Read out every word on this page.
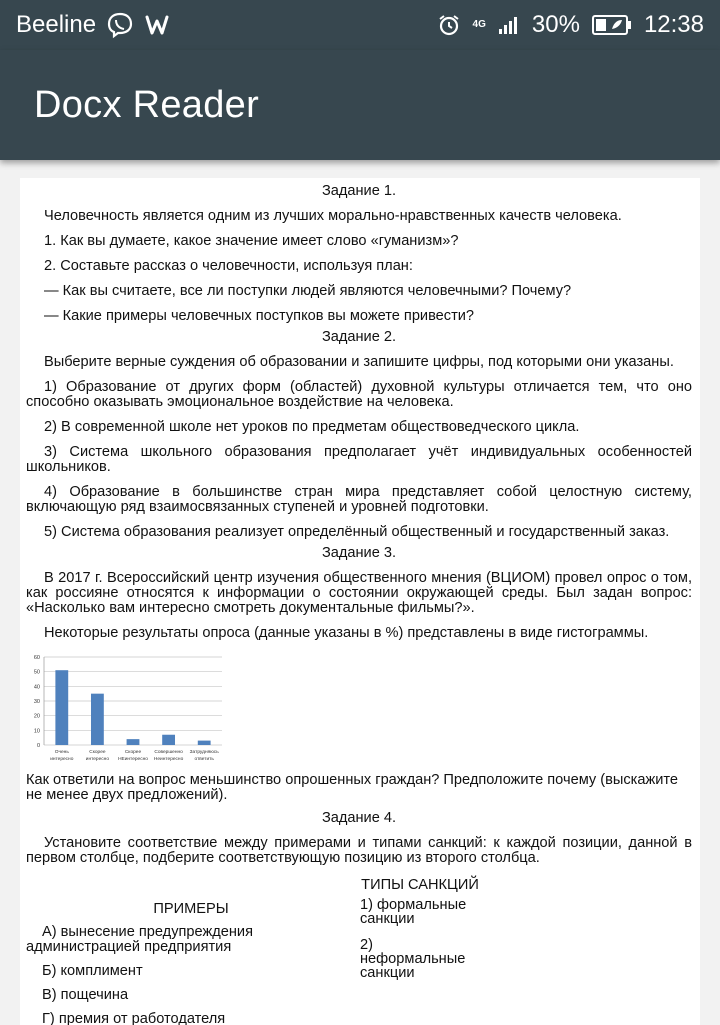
Beeline	4G 30%	12:38
Docx Reader
Задание 1.
Человечность является одним из лучших морально-нравственных качеств человека.
1. Как вы думаете, какое значение имеет слово «гуманизм»?
2. Составьте рассказ о человечности, используя план:
— Как вы считаете, все ли поступки людей являются человечными? Почему?
— Какие примеры человечных поступков вы можете привести?
Задание 2.
Выберите верные суждения об образовании и запишите цифры, под которыми они указаны.
1) Образование от других форм (областей) духовной культуры отличается тем, что оно способно оказывать эмоциональное воздействие на человека.
2) В современной школе нет уроков по предметам обществоведческого цикла.
3) Система школьного образования предполагает учёт индивидуальных особенностей школьников.
4) Образование в большинстве стран мира представляет собой целостную систему, включающую ряд взаимосвязанных ступеней и уровней подготовки.
5) Система образования реализует определённый общественный и государственный заказ.
Задание 3.
В 2017 г. Всероссийский центр изучения общественного мнения (ВЦИОМ) провел опрос о том, как россияне относятся к информации о состоянии окружающей среды. Был задан вопрос: «Насколько вам интересно смотреть документальные фильмы?».
Некоторые результаты опроса (данные указаны в %) представлены в виде гистограммы.
0
10
20
30
40
50
60
Очень интересно
Скорее интересно
Скорее НЕинтересно
Совершенно Неинтересно
Затрудняюсь ответить
Как ответили на вопрос меньшинство опрошенных граждан? Предположите почему (выскажите не менее двух предложений).
Задание 4.
Установите соответствие между примерами и типами санкций: к каждой позиции, данной в первом столбце, подберите соответствующую позицию из второго столбца.
ПРИМЕРЫ
А) вынесение предупреждения администрацией предприятия
Б) комплимент
В) пощечина
Г) премия от работодателя
ТИПЫ САНКЦИЙ
1) формальные санкции
2) неформальные санкции
